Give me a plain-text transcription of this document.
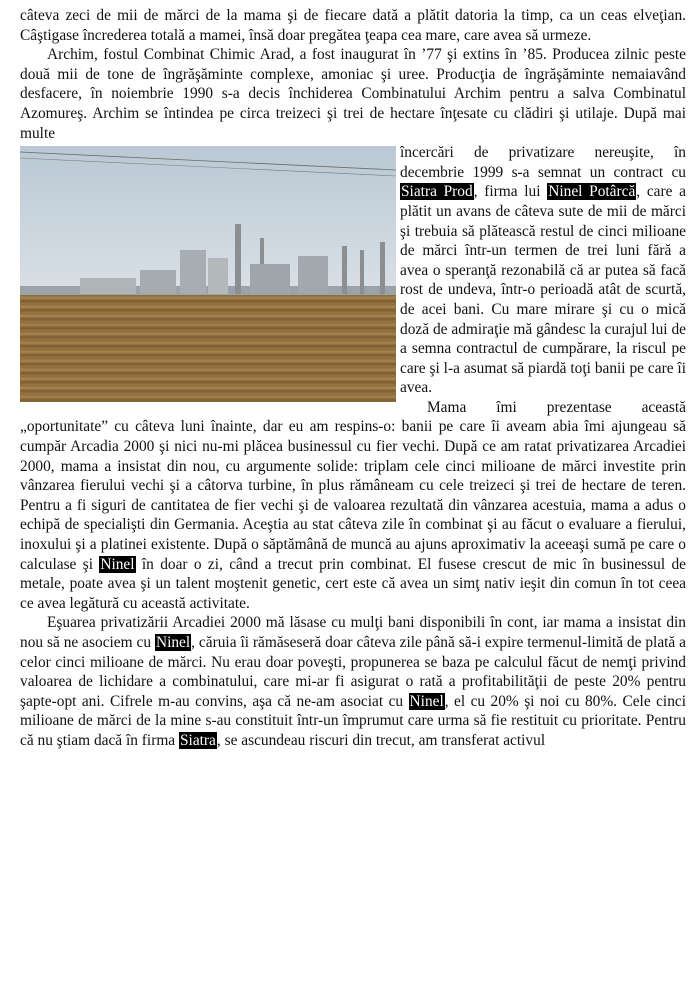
câteva zeci de mii de mărci de la mama şi de fiecare dată a plătit datoria la timp, ca un ceas elveţian. Câştigase încrederea totală a mamei, însă doar pregătea ţeapa cea mare, care avea să urmeze.

Archim, fostul Combinat Chimic Arad, a fost inaugurat în ’77 şi extins în ’85. Producea zilnic peste două mii de tone de îngrăşăminte complexe, amoniac şi uree. Producţia de îngrăşăminte nemaiavând desfacere, în noiembrie 1990 s-a decis închiderea Combinatului Archim pentru a salva Combinatul Azomureş. Archim se întindea pe circa treizeci şi trei de hectare înţesate cu clădiri şi utilaje. După mai multe

încercări de privatizare nereuşite, în decembrie 1999 s-a semnat un contract cu Siatra Prod, firma lui Ninel Potârcă, care a plătit un avans de câteva sute de mii de mărci şi trebuia să plătească restul de cinci milioane de mărci într-un termen de trei luni fără a avea o speranţă rezonabilă că ar putea să facă rost de undeva, într-o perioadă atât de scurtă, de acei bani. Cu mare mirare şi cu o mică doză de admiraţie mă gândesc la curajul lui de a semna contractul de cumpărare, la riscul pe care şi l-a asumat să piardă toţi banii pe care îi avea.

Mama îmi prezentase această „oportunitate” cu câteva luni înainte, dar eu am respins-o: banii pe care îi aveam abia îmi ajungeau să cumpăr Arcadia 2000 şi nici nu-mi plăcea businessul cu fier vechi. După ce am ratat privatizarea Arcadiei 2000, mama a insistat din nou, cu argumente solide: triplam cele cinci milioane de mărci investite prin vânzarea fierului vechi şi a câtorva turbine, în plus rămâneam cu cele treizeci şi trei de hectare de teren. Pentru a fi siguri de cantitatea de fier vechi şi de valoarea rezultată din vânzarea acestuia, mama a adus o echipă de specialişti din Germania. Aceştia au stat câteva zile în combinat şi au făcut o evaluare a fierului, inoxului şi a platinei existente. După o săptămână de muncă au ajuns aproximativ la aceeaşi sumă pe care o calculase şi Ninel în doar o zi, când a trecut prin combinat. El fusese crescut de mic în businessul de metale, poate avea şi un talent moştenit genetic, cert este că avea un simţ nativ ieşit din comun în tot ceea ce avea legătură cu această activitate.

Eşuarea privatizării Arcadiei 2000 mă lăsase cu mulţi bani disponibili în cont, iar mama a insistat din nou să ne asociem cu Ninel, căruia îi rămăseseră doar câteva zile până să-i expire termenul-limită de plată a celor cinci milioane de mărci. Nu erau doar poveşti, propunerea se baza pe calculul făcut de nemţi privind valoarea de lichidare a combinatului, care mi-ar fi asigurat o rată a profitabilităţii de peste 20% pentru şapte-opt ani. Cifrele m-au convins, aşa că ne-am asociat cu Ninel, el cu 20% şi noi cu 80%. Cele cinci milioane de mărci de la mine s-au constituit într-un împrumut care urma să fie restituit cu prioritate. Pentru că nu ştiam dacă în firma Siatra, se ascundeau riscuri din trecut, am transferat activul
